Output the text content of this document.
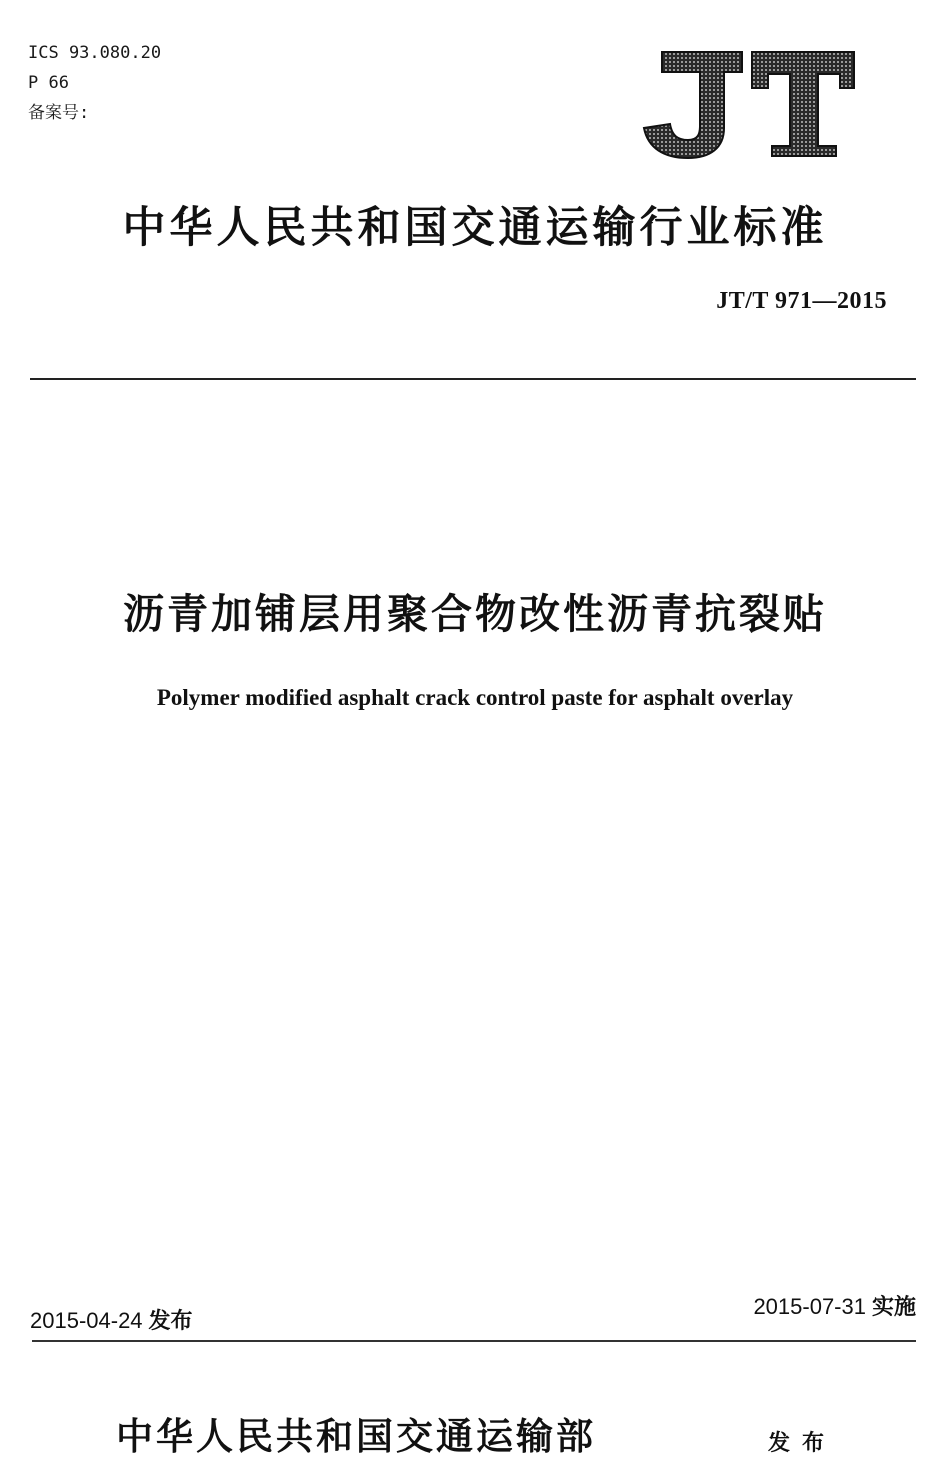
ICS 93.080.20
P 66
备案号:
中华人民共和国交通运输行业标准
JT/T 971—2015
沥青加铺层用聚合物改性沥青抗裂贴
Polymer modified asphalt crack control paste for asphalt overlay
2015-04-24 发布
2015-07-31 实施
中华人民共和国交通运输部	发布
